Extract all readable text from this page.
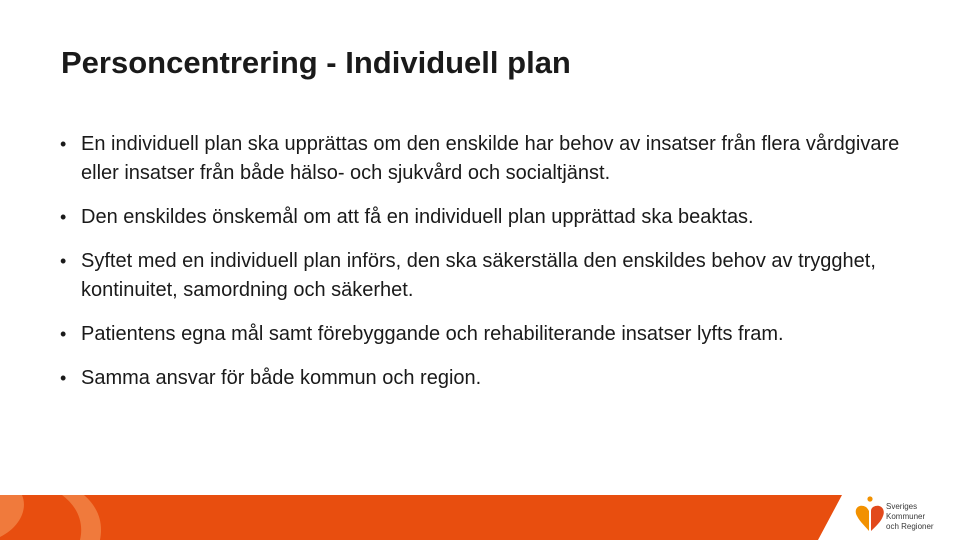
Personcentrering - Individuell plan
• En individuell plan ska upprättas om den enskilde har behov av insatser från flera vårdgivare eller insatser från både hälso- och sjukvård och socialtjänst.
• Den enskildes önskemål om att få en individuell plan upprättad ska beaktas.
• Syftet med en individuell plan införs, den ska säkerställa den enskildes behov av trygghet, kontinuitet, samordning och säkerhet.
• Patientens egna mål samt förebyggande och rehabiliterande insatser lyfts fram.
• Samma ansvar för både kommun och region.
Sveriges
Kommuner
och Regioner
